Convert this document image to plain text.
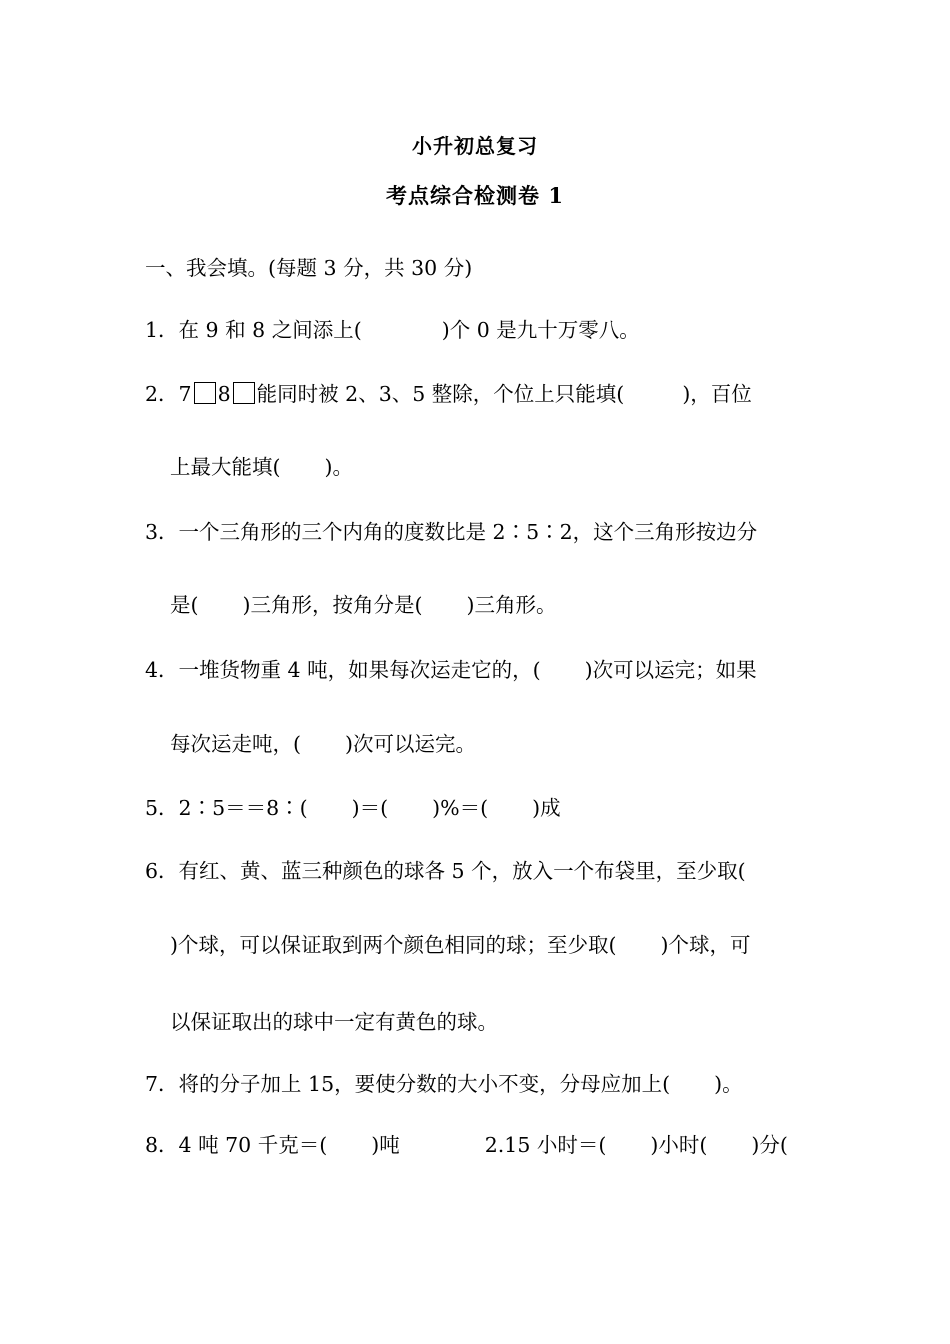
小升初总复习
考点综合检测卷 1
一、我会填。(每题 3 分，共 30 分)
1．在 9 和 8 之间添上(	)个 0 是九十万零八。
2．7 8 能同时被 2、3、5 整除，个位上只能填(	)，百位
上最大能填( )。
3．一个三角形的三个内角的度数比是 2∶5∶2，这个三角形按边分
是( )三角形，按角分是( )三角形。
4．一堆货物重 4 吨，如果每次运走它的，( )次可以运完；如果
每次运走吨，( )次可以运完。
5．2∶5＝＝8∶( )＝( )%＝( )成
6．有红、黄、蓝三种颜色的球各 5 个，放入一个布袋里，至少取(
)个球，可以保证取到两个颜色相同的球；至少取( )个球，可
以保证取出的球中一定有黄色的球。
7．将的分子加上 15，要使分数的大小不变，分母应加上( )。
8．4 吨 70 千克＝( )吨	2.15 小时＝( )小时( )分(
